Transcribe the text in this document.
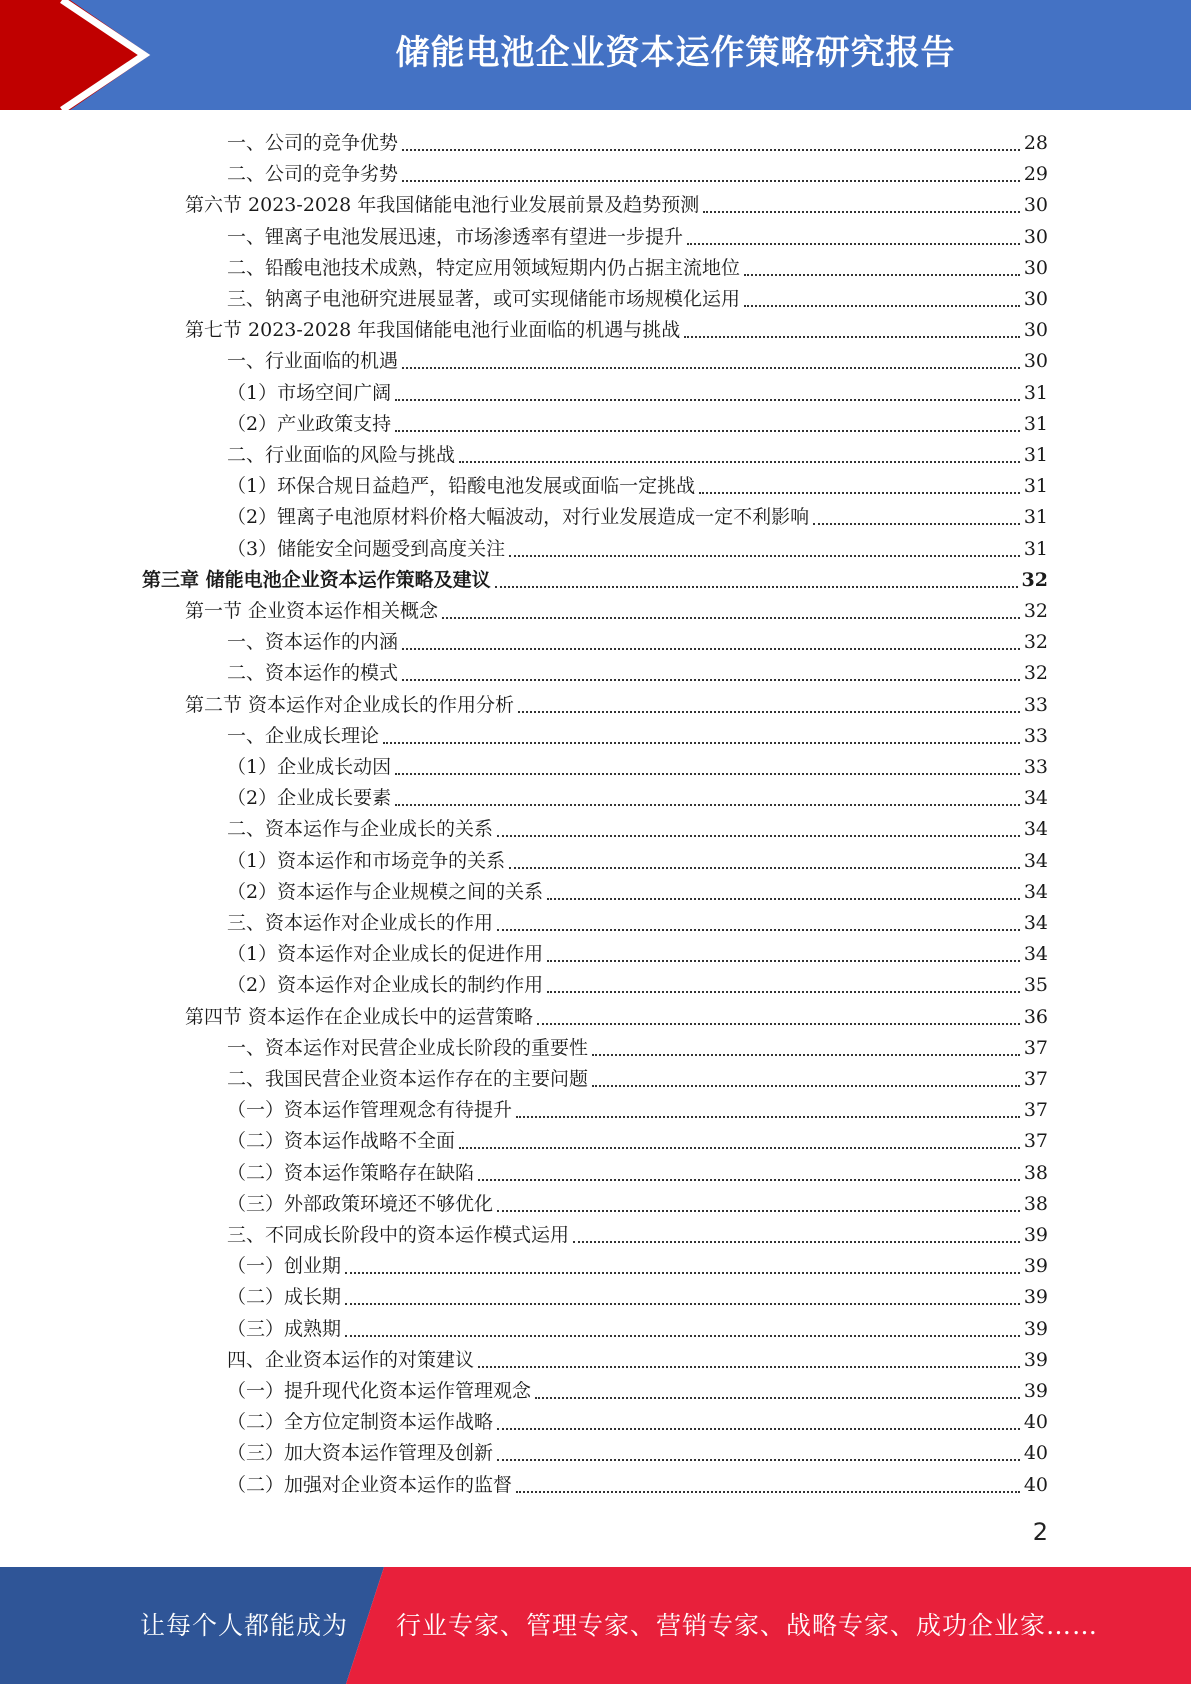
储能电池企业资本运作策略研究报告
一、公司的竞争优势	28
二、公司的竞争劣势	29
第六节 2023-2028 年我国储能电池行业发展前景及趋势预测	30
一、锂离子电池发展迅速，市场渗透率有望进一步提升	30
二、铅酸电池技术成熟，特定应用领域短期内仍占据主流地位	30
三、钠离子电池研究进展显著，或可实现储能市场规模化运用	30
第七节 2023-2028 年我国储能电池行业面临的机遇与挑战	30
一、行业面临的机遇	30
（1）市场空间广阔	31
（2）产业政策支持	31
二、行业面临的风险与挑战	31
（1）环保合规日益趋严，铅酸电池发展或面临一定挑战	31
（2）锂离子电池原材料价格大幅波动，对行业发展造成一定不利影响	31
（3）储能安全问题受到高度关注	31
第三章 储能电池企业资本运作策略及建议	32
第一节 企业资本运作相关概念	32
一、资本运作的内涵	32
二、资本运作的模式	32
第二节 资本运作对企业成长的作用分析	33
一、企业成长理论	33
（1）企业成长动因	33
（2）企业成长要素	34
二、资本运作与企业成长的关系	34
（1）资本运作和市场竞争的关系	34
（2）资本运作与企业规模之间的关系	34
三、资本运作对企业成长的作用	34
（1）资本运作对企业成长的促进作用	34
（2）资本运作对企业成长的制约作用	35
第四节 资本运作在企业成长中的运营策略	36
一、资本运作对民营企业成长阶段的重要性	37
二、我国民营企业资本运作存在的主要问题	37
（一）资本运作管理观念有待提升	37
（二）资本运作战略不全面	37
（二）资本运作策略存在缺陷	38
（三）外部政策环境还不够优化	38
三、不同成长阶段中的资本运作模式运用	39
（一）创业期	39
（二）成长期	39
（三）成熟期	39
四、企业资本运作的对策建议	39
（一）提升现代化资本运作管理观念	39
（二）全方位定制资本运作战略	40
（三）加大资本运作管理及创新	40
（二）加强对企业资本运作的监督	40
2
让每个人都能成为 行业专家、管理专家、营销专家、战略专家、成功企业家……
